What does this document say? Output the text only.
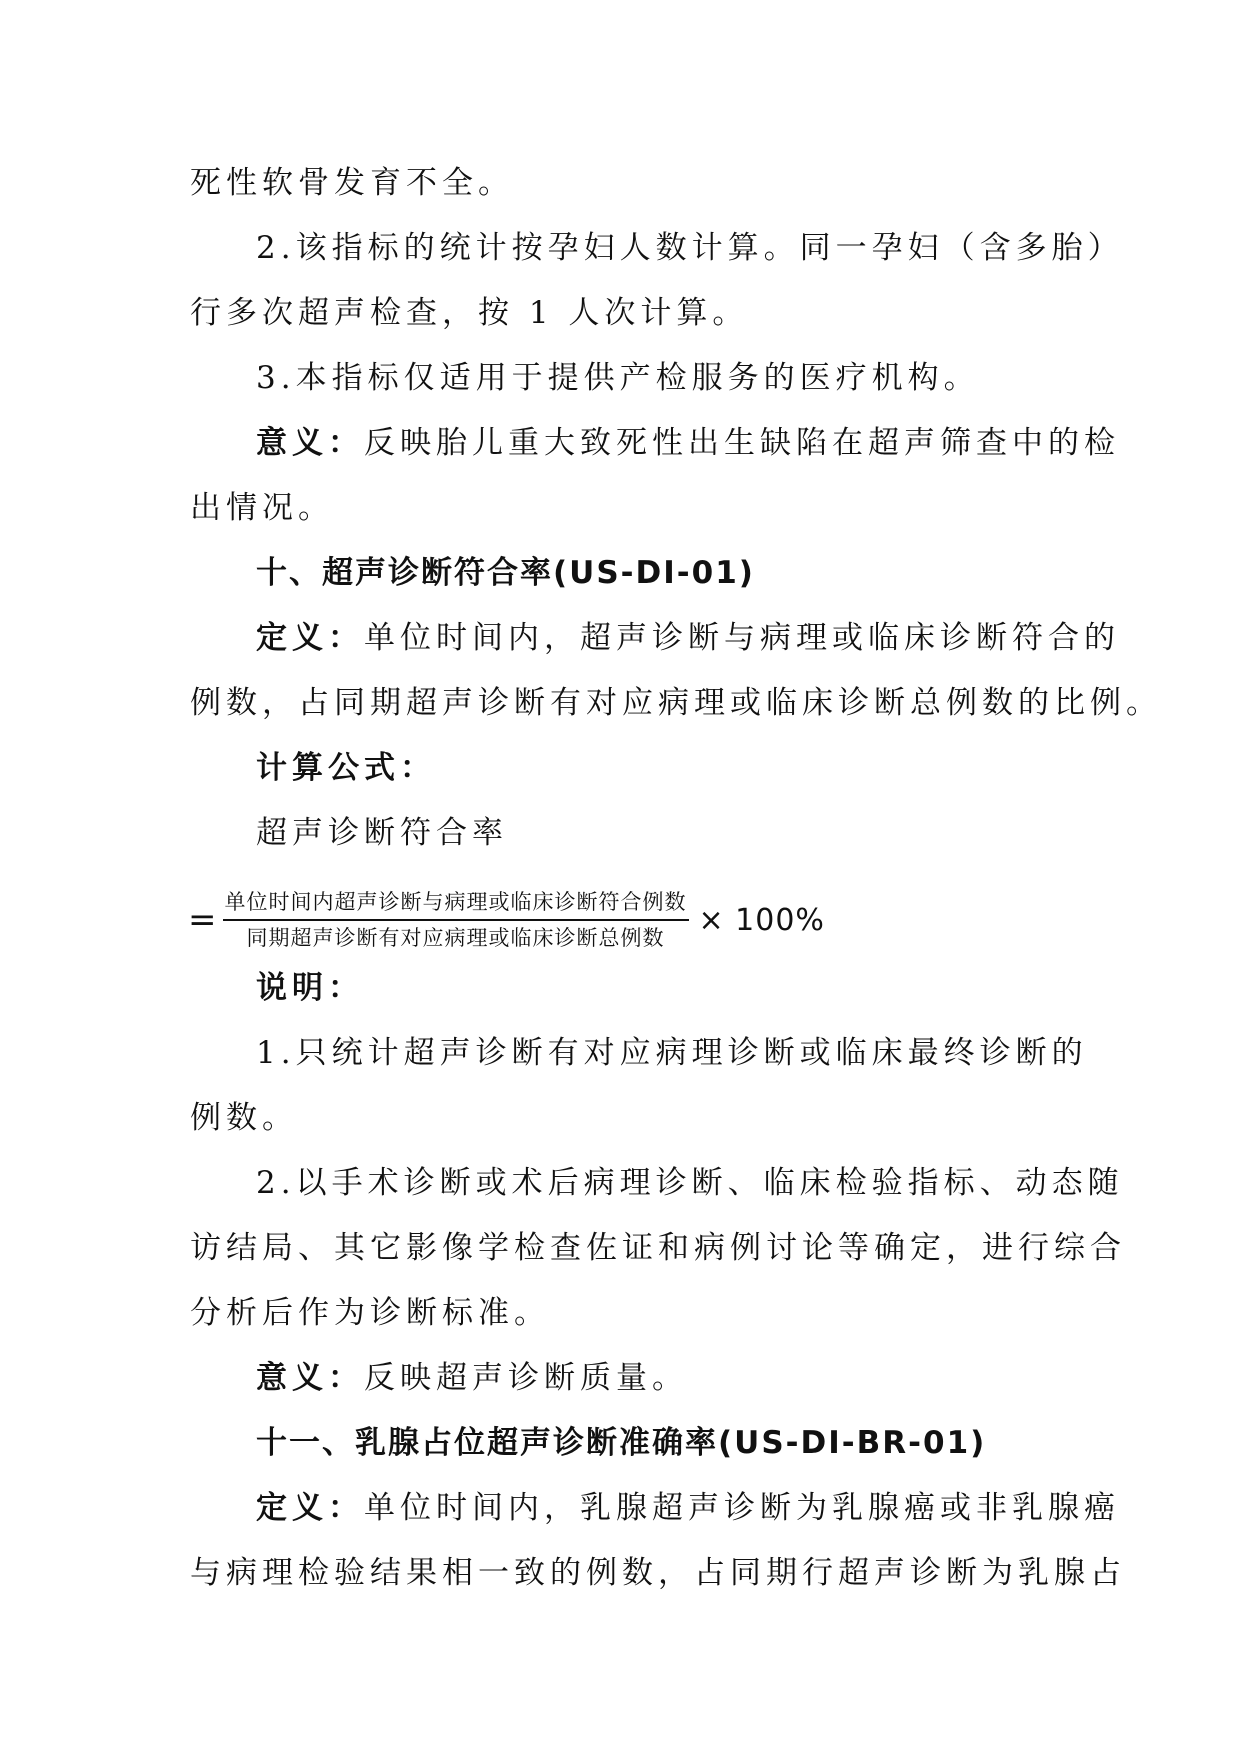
死性软骨发育不全。
2.该指标的统计按孕妇人数计算。同一孕妇（含多胎）
行多次超声检查，按 1 人次计算。
3.本指标仅适用于提供产检服务的医疗机构。
意义：反映胎儿重大致死性出生缺陷在超声筛查中的检
出情况。
十、超声诊断符合率(US-DI-01)
定义：单位时间内，超声诊断与病理或临床诊断符合的
例数，占同期超声诊断有对应病理或临床诊断总例数的比例。
计算公式：
超声诊断符合率
= $\frac{\text{单位时间内超声诊断与病理或临床诊断符合例数}}{\text{同期超声诊断有对应病理或临床诊断总例数}} \times 100\%$
说明：
1.只统计超声诊断有对应病理诊断或临床最终诊断的
例数。
2.以手术诊断或术后病理诊断、临床检验指标、动态随
访结局、其它影像学检查佐证和病例讨论等确定，进行综合
分析后作为诊断标准。
意义：反映超声诊断质量。
十一、乳腺占位超声诊断准确率(US-DI-BR-01)
定义：单位时间内，乳腺超声诊断为乳腺癌或非乳腺癌
与病理检验结果相一致的例数，占同期行超声诊断为乳腺占
